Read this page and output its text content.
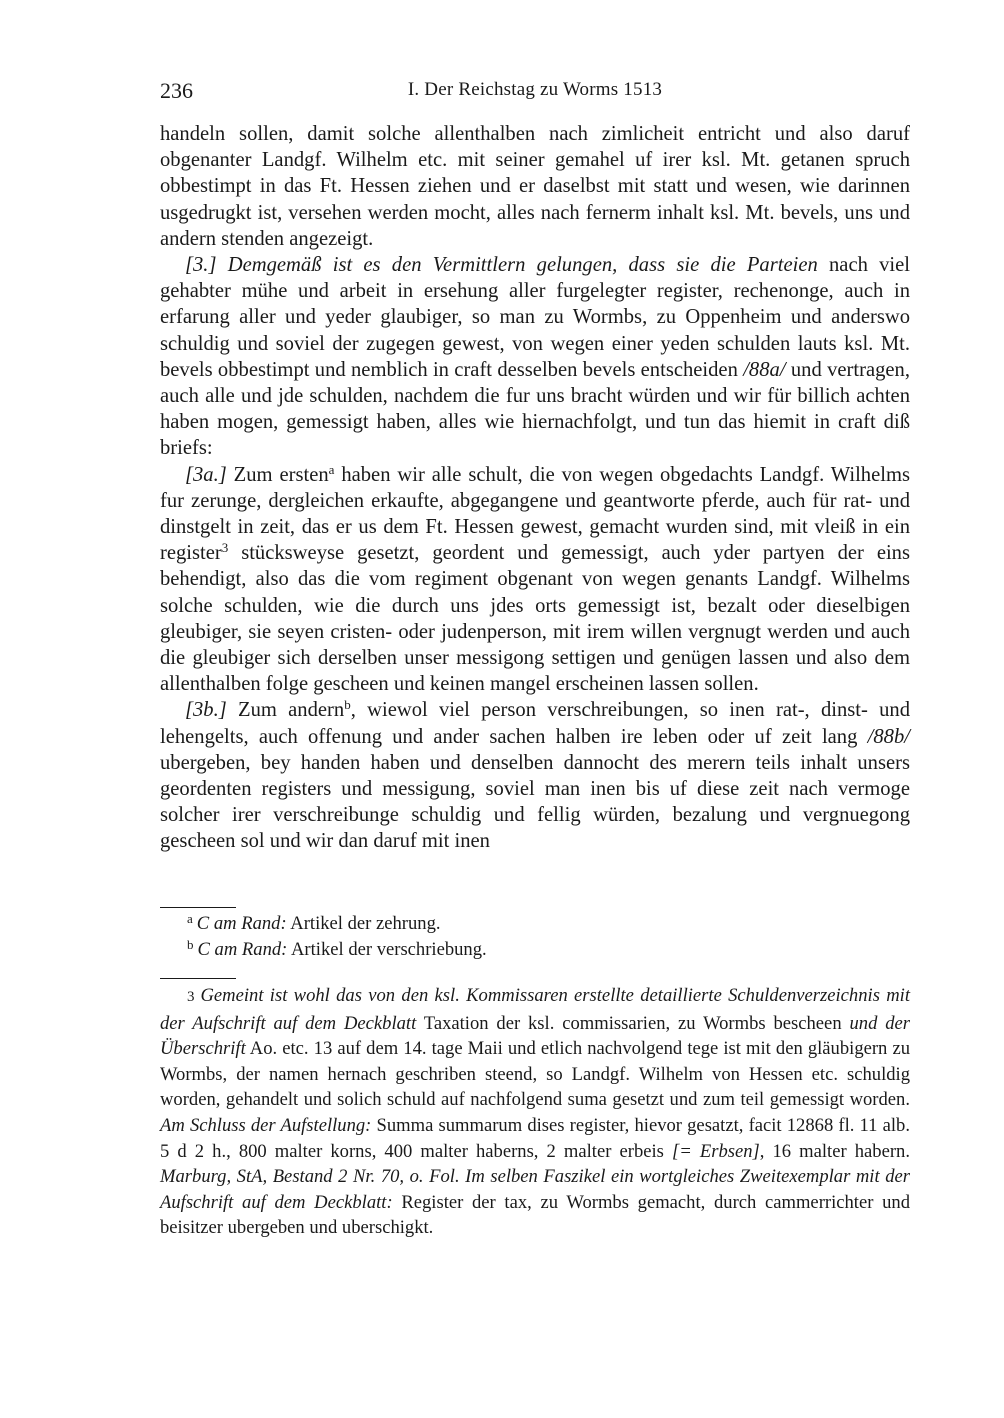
236	I. Der Reichstag zu Worms 1513

handeln sollen, damit solche allenthalben nach zimlicheit entricht und also daruf obgenanter Landgf. Wilhelm etc. mit seiner gemahel uf irer ksl. Mt. getanen spruch obbestimpt in das Ft. Hessen ziehen und er daselbst mit statt und wesen, wie darinnen usgedrugkt ist, versehen werden mocht, alles nach fernerm inhalt ksl. Mt. bevels, uns und andern stenden angezeigt.

[3.] Demgemäß ist es den Vermittlern gelungen, dass sie die Parteien nach viel gehabter mühe und arbeit in ersehung aller furgelegter register, rechenonge, auch in erfarung aller und yeder glaubiger, so man zu Wormbs, zu Oppenheim und anderswo schuldig und soviel der zugegen gewest, von wegen einer yeden schulden lauts ksl. Mt. bevels obbestimpt und nemblich in craft desselben bevels entscheiden /88a/ und vertragen, auch alle und jde schulden, nachdem die fur uns bracht würden und wir für billich achten haben mogen, gemessigt haben, alles wie hiernachfolgt, und tun das hiemit in craft diß briefs:

[3a.] Zum ersten$^a$ haben wir alle schult, die von wegen obgedachts Landgf. Wilhelms fur zerunge, dergleichen erkaufte, abgegangene und geantworte pferde, auch für rat- und dinstgelt in zeit, das er us dem Ft. Hessen gewest, gemacht wurden sind, mit vleiß in ein register$^3$ stücksweyse gesetzt, geordent und gemessigt, auch yder partyen der eins behendigt, also das die vom regiment obgenant von wegen genants Landgf. Wilhelms solche schulden, wie die durch uns jdes orts gemessigt ist, bezalt oder dieselbigen gleubiger, sie seyen cristen- oder judenperson, mit irem willen vergnugt werden und auch die gleubiger sich derselben unser messigong settigen und genügen lassen und also dem allenthalben folge gescheen und keinen mangel erscheinen lassen sollen.

[3b.] Zum andern$^b$, wiewol viel person verschreibungen, so inen rat-, dinst- und lehengelts, auch offenung und ander sachen halben ire leben oder uf zeit lang /88b/ ubergeben, bey handen haben und denselben dannocht des merern teils inhalt unsers geordenten registers und messigung, soviel man inen bis uf diese zeit nach vermoge solcher irer verschreibunge schuldig und fellig würden, bezalung und vergnuegong gescheen sol und wir dan daruf mit inen

$^a$ C am Rand: Artikel der zehrung.
$^b$ C am Rand: Artikel der verschriebung.

3 Gemeint ist wohl das von den ksl. Kommissaren erstellte detaillierte Schuldenverzeichnis mit der Aufschrift auf dem Deckblatt Taxation der ksl. commissarien, zu Wormbs bescheen und der Überschrift Ao. etc. 13 auf dem 14. tage Maii und etlich nachvolgend tege ist mit den gläubigern zu Wormbs, der namen hernach geschriben steend, so Landgf. Wilhelm von Hessen etc. schuldig worden, gehandelt und solich schuld auf nachfolgend suma gesetzt und zum teil gemessigt worden. Am Schluss der Aufstellung: Summa summarum dises register, hievor gesatzt, facit 12868 fl. 11 alb. 5 d 2 h., 800 malter korns, 400 malter haberns, 2 malter erbeis [= Erbsen], 16 malter habern. Marburg, StA, Bestand 2 Nr. 70, o. Fol. Im selben Faszikel ein wortgleiches Zweitexemplar mit der Aufschrift auf dem Deckblatt: Register der tax, zu Wormbs gemacht, durch cammerrichter und beisitzer ubergeben und uberschigkt.
